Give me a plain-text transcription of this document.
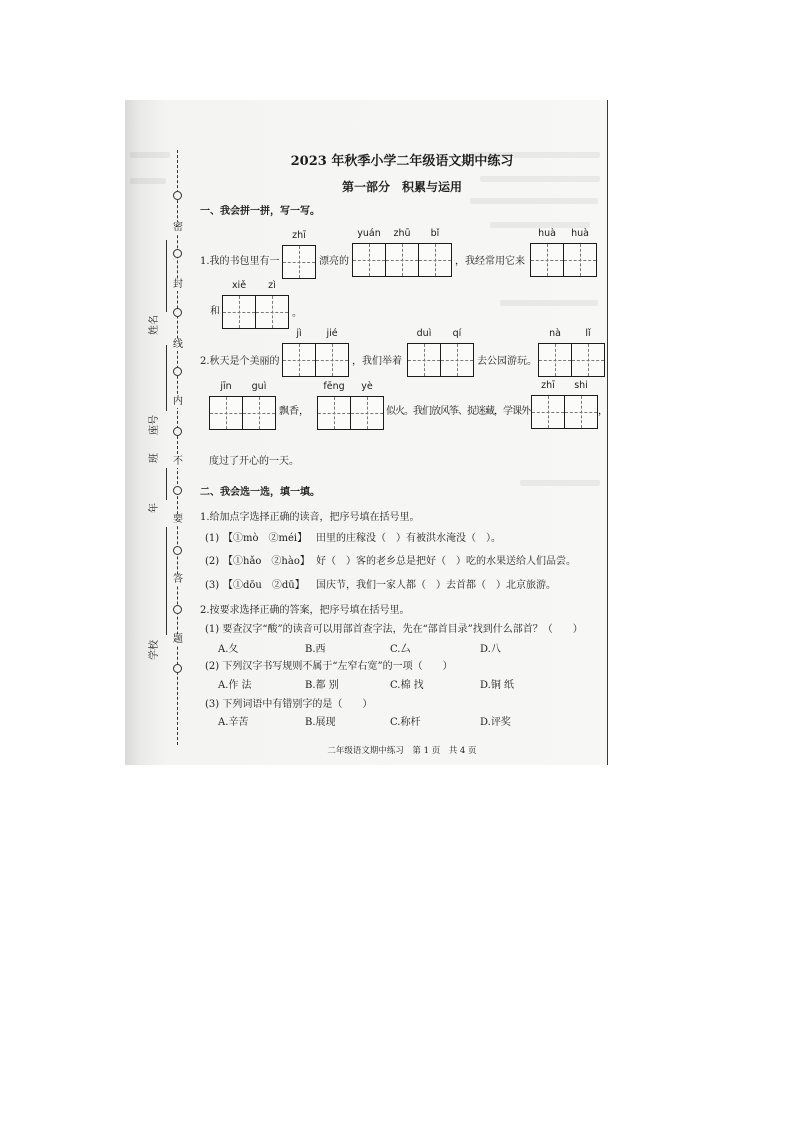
密
封
线
内
不
要
答
题
姓名
座号
班
年
学校
2023 年秋季小学二年级语文期中练习
第一部分　积累与运用
一、我会拼一拼，写一写。
1.我的书包里有一
zhī
漂亮的
yuán	zhū	bǐ
，我经常用它来
huà	huà
和
xiě	zì
。
2.秋天是个美丽的
jì	jié
，我们举着
duì	qí
去公园游玩。
nà	lǐ
jīn	guì
飘香，
fēng	yè
似火。我们放风筝、捉迷藏，学课外
zhī	shi
，
度过了开心的一天。
二、我会选一选，填一填。
1.给加点字选择正确的读音，把序号填在括号里。
(1) 【①mò　②méi】 田里的庄稼没（　）有被洪水淹没（　）。
(2) 【①hǎo　②hào】 好（　）客的老乡总是把好（　）吃的水果送给人们品尝。
(3) 【①dōu　②dū】 国庆节，我们一家人都（　）去首都（　）北京旅游。
2.按要求选择正确的答案，把序号填在括号里。
(1) 要查汉字“酸”的读音可以用部首查字法，先在“部首目录”找到什么部首？（　　）
A.夂	B.西	C.厶	D.八
(2) 下列汉字书写规则不属于“左窄右宽”的一项（　　）
A.作 法	B.都 别	C.棉 找	D.铜 纸
(3) 下列词语中有错别字的是（　　）
A.辛苦	B.展现	C.称杆	D.评奖
二年级语文期中练习　第 1 页　共 4 页
